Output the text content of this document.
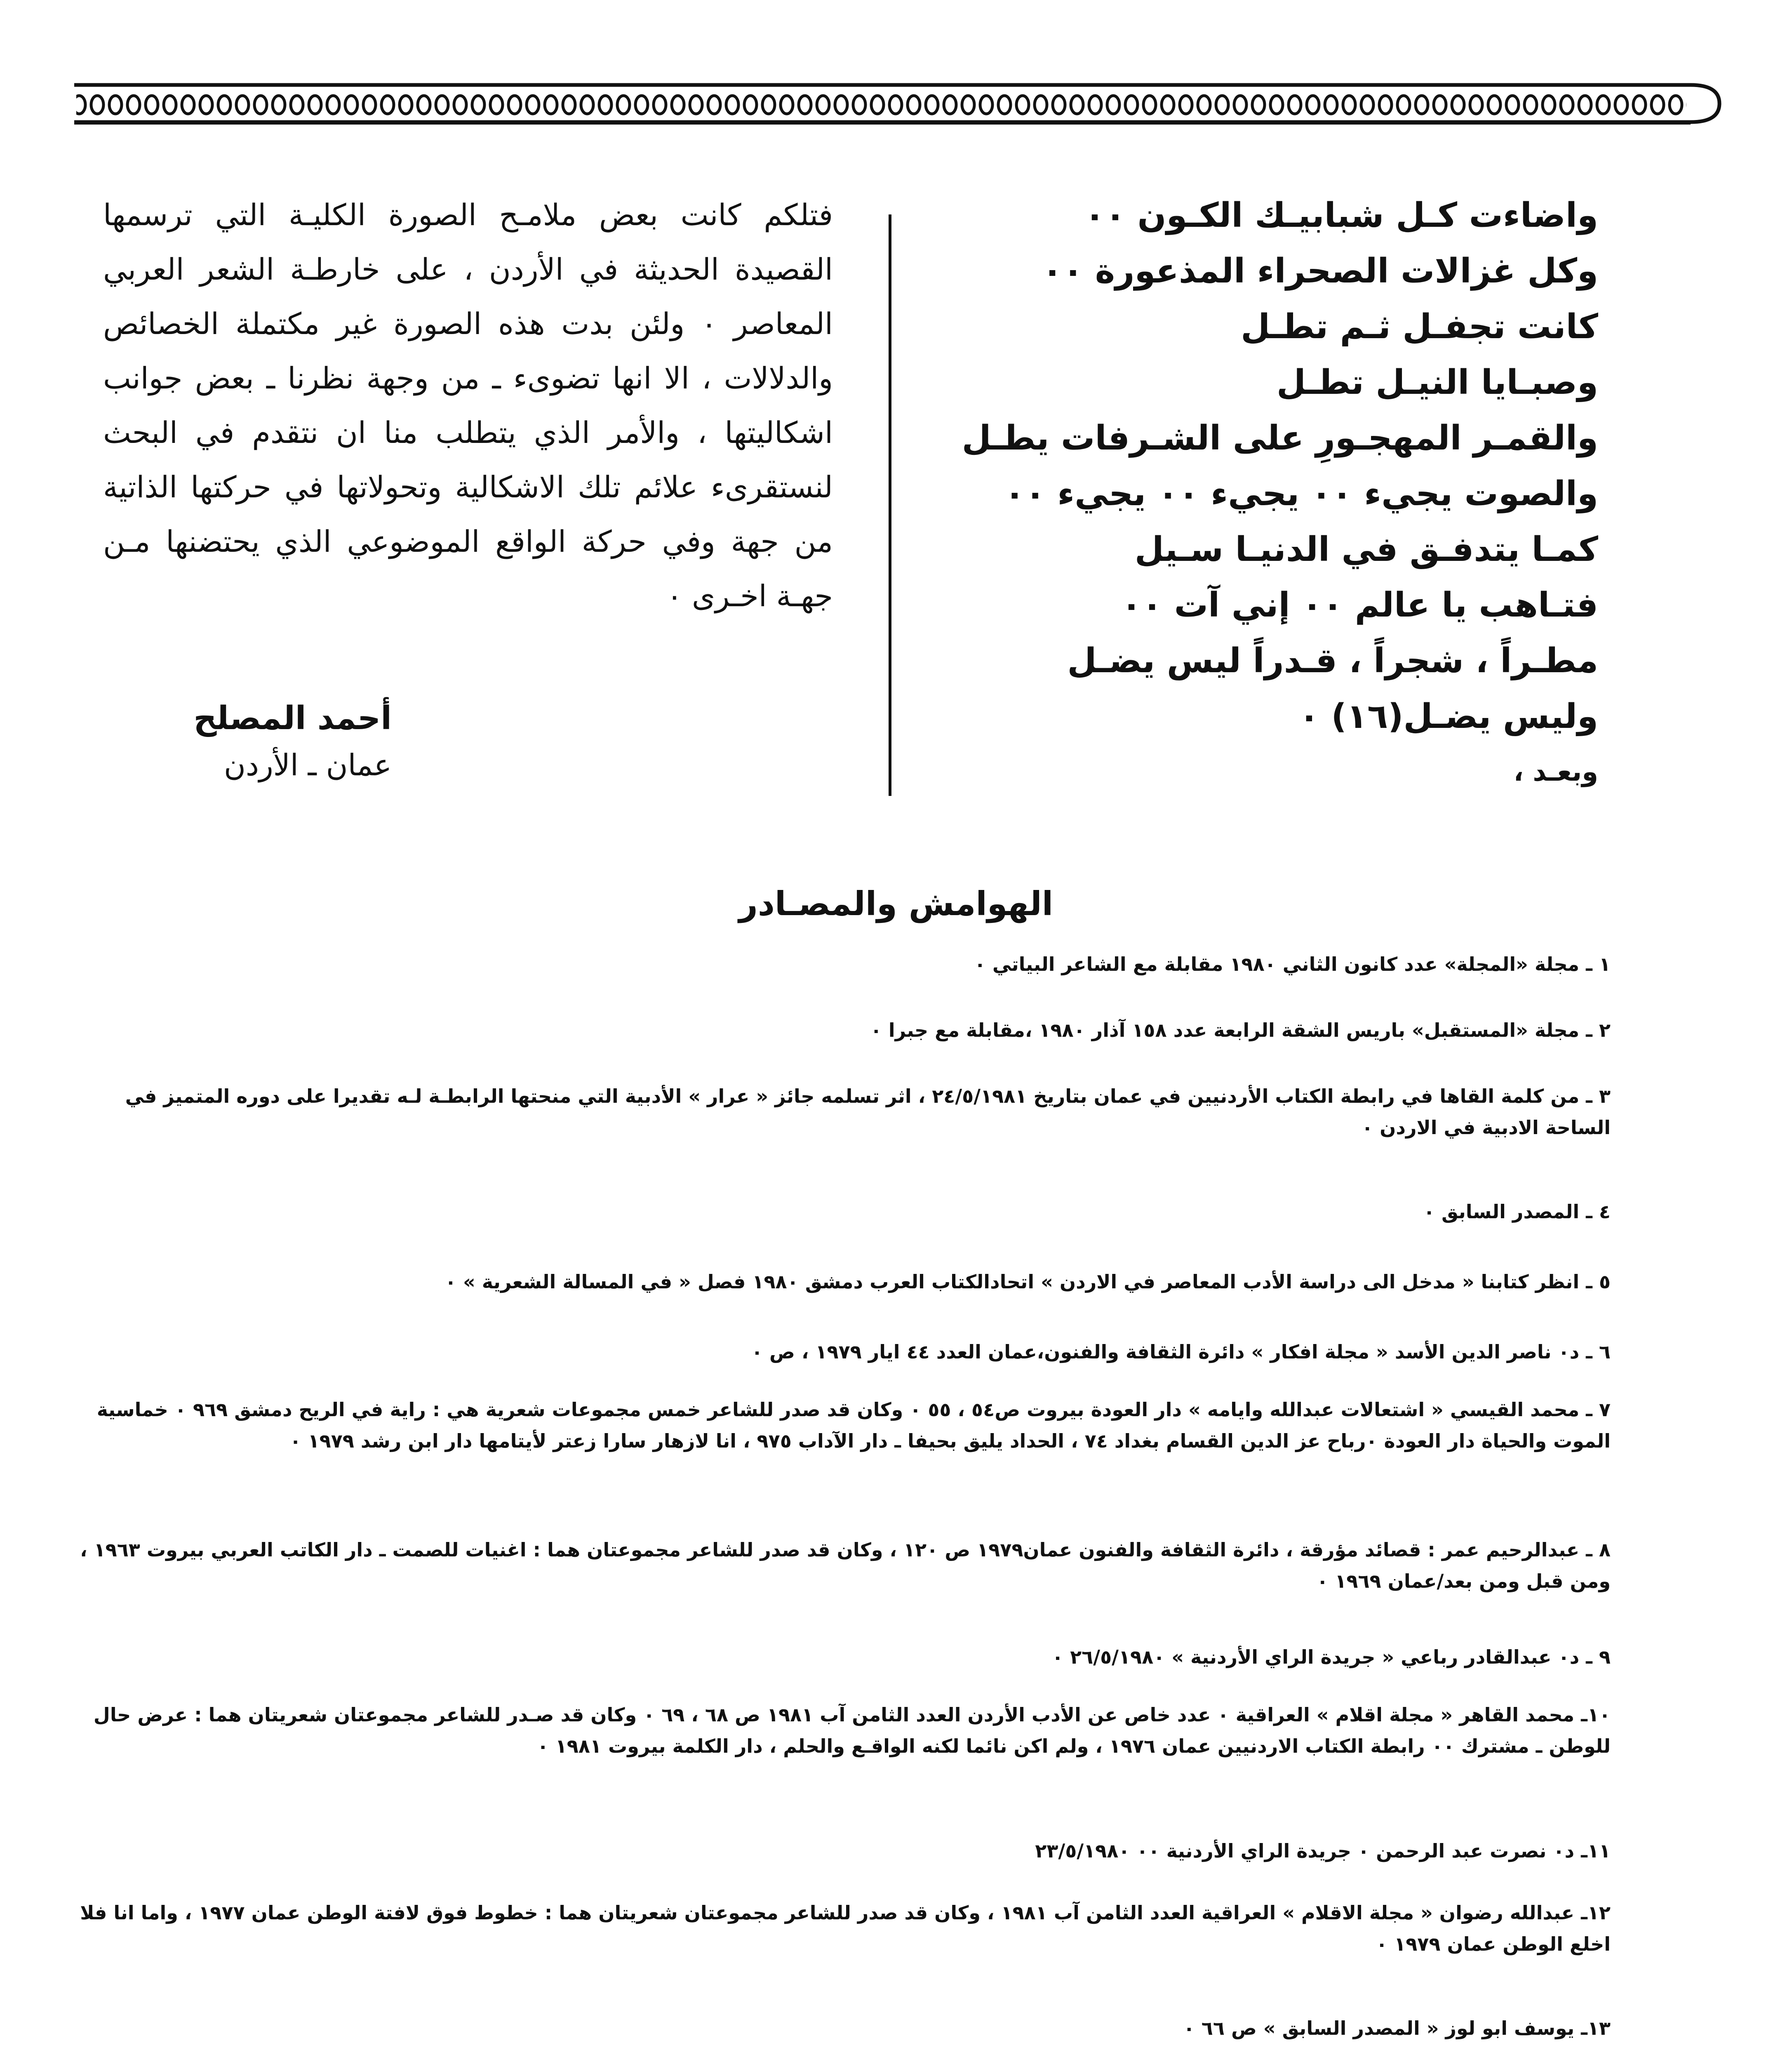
واضاءت كـل شبابيـك الكـون ٠٠
وكل غزالات الصحراء المذعورة ٠٠
كانت تجفـل ثـم تطـل
وصبـايا النيـل تطـل
والقمـر المهجـورِ على الشـرفات يطـل
والصوت يجيء ٠٠ يجيء ٠٠ يجيء ٠٠
كمـا يتدفـق في الدنيـا سـيل
فتـاهب يا عالم ٠٠ إني آت ٠٠
مطـراً ، شجراً ، قـدراً ليس يضـل
وليس يضـل(١٦) ٠
وبعـد ،

فتلكم كانت بعض ملامـح الصورة الكليـة التي ترسمها القصيدة الحديثة في الأردن ، على خارطـة الشعر العربي المعاصر ٠ ولئن بدت هذه الصورة غير مكتملة الخصائص والدلالات ، الا انها تضوىء ـ من وجهة نظرنا ـ بعض جوانب اشكاليتها ، والأمر الذي يتطلب منا ان نتقدم في البحث لنستقرىء علائم تلك الاشكالية وتحولاتها في حركتها الذاتية من جهة وفي حركة الواقع الموضوعي الذي يحتضنها مـن جهـة اخـرى ٠

أحمد المصلح
عمان ـ الأردن
الهوامش والمصـادر
١ ـ مجلة «المجلة» عدد كانون الثاني ١٩٨٠ مقابلة مع الشاعر البياتي ٠
٢ ـ مجلة «المستقبل» باريس الشقة الرابعة عدد ١٥٨ آذار ١٩٨٠ ،مقابلة مع جبرا ٠
٣ ـ من كلمة القاها في رابطة الكتاب الأردنيين في عمان بتاريخ ٢٤/٥/١٩٨١ ، اثر تسلمه جائز « عرار » الأدبية التي منحتها الرابطـة لـه تقديرا على دوره المتميز في الساحة الادبية في الاردن ٠
٤ ـ المصدر السابق ٠
٥ ـ انظر كتابنا « مدخل الى دراسة الأدب المعاصر في الاردن » اتحادالكتاب العرب دمشق ١٩٨٠ فصل « في المسالة الشعرية » ٠
٦ ـ د٠ ناصر الدين الأسد « مجلة افكار » دائرة الثقافة والفنون،عمان العدد ٤٤ ايار ١٩٧٩ ، ص ٠
٧ ـ محمد القيسي « اشتعالات عبدالله وايامه » دار العودة بيروت ص٥٤ ، ٥٥ ٠ وكان قد صدر للشاعر خمس مجموعات شعرية هي : راية في الريح دمشق ٩٦٩ ٠ خماسية الموت والحياة دار العودة ٠رباح عز الدين القسام بغداد ٧٤ ، الحداد يليق بحيفا ـ دار الآداب ٩٧٥ ، انا لازهار سارا زعتر لأيتامها دار ابن رشد ١٩٧٩ ٠
٨ ـ عبدالرحيم عمر : قصائد مؤرقة ، دائرة الثقافة والفنون عمان١٩٧٩ ص ١٢٠ ، وكان قد صدر للشاعر مجموعتان هما : اغنيات للصمت ـ دار الكاتب العربي بيروت ١٩٦٣ ، ومن قبل ومن بعد/عمان ١٩٦٩ ٠
٩ ـ د٠ عبدالقادر رباعي « جريدة الراي الأردنية » ٢٦/٥/١٩٨٠ ٠
١٠ـ محمد القاهر « مجلة اقلام » العراقية ٠ عدد خاص عن الأدب الأردن العدد الثامن آب ١٩٨١ ص ٦٨ ، ٦٩ ٠ وكان قد صـدر للشاعر مجموعتان شعريتان هما : عرض حال للوطن ـ مشترك ٠٠ رابطة الكتاب الاردنيين عمان ١٩٧٦ ، ولم اكن نائما لكنه الواقـع والحلم ، دار الكلمة بيروت ١٩٨١ ٠
١١ـ د٠ نصرت عبد الرحمن ٠ جريدة الراي الأردنية ٠٠ ٢٣/٥/١٩٨٠
١٢ـ عبدالله رضوان « مجلة الاقلام » العراقية العدد الثامن آب ١٩٨١ ، وكان قد صدر للشاعر مجموعتان شعريتان هما : خطوط فوق لافتة الوطن عمان ١٩٧٧ ، واما انا فلا اخلع الوطن عمان ١٩٧٩ ٠
١٣ـ يوسف ابو لوز « المصدر السابق » ص ٦٦ ٠
